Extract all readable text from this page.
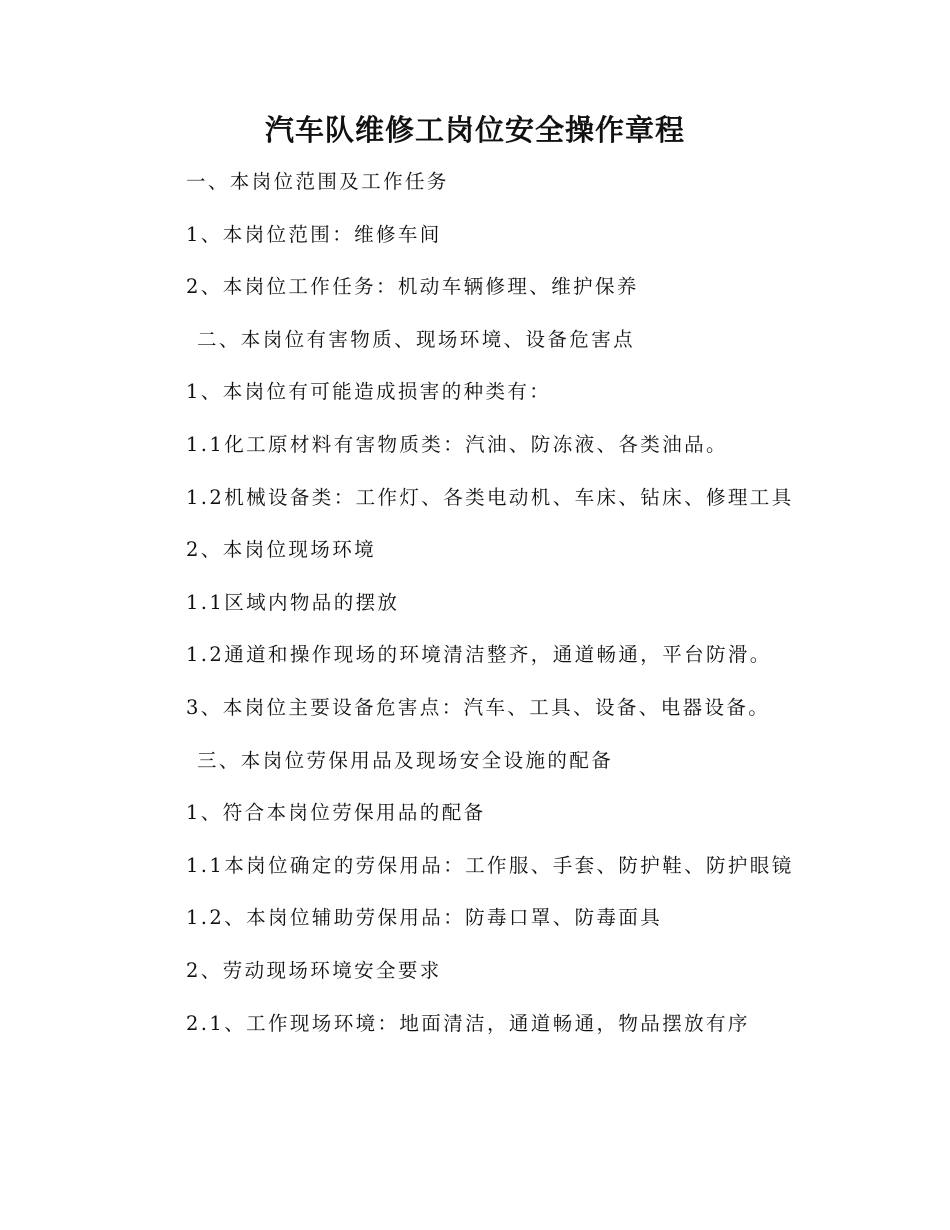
汽车队维修工岗位安全操作章程
一、本岗位范围及工作任务
1、本岗位范围：维修车间
2、本岗位工作任务：机动车辆修理、维护保养
二、本岗位有害物质、现场环境、设备危害点
1、本岗位有可能造成损害的种类有：
1.1化工原材料有害物质类：汽油、防冻液、各类油品。
1.2机械设备类：工作灯、各类电动机、车床、钻床、修理工具
2、本岗位现场环境
1.1区域内物品的摆放
1.2通道和操作现场的环境清洁整齐，通道畅通，平台防滑。
3、本岗位主要设备危害点：汽车、工具、设备、电器设备。
三、本岗位劳保用品及现场安全设施的配备
1、符合本岗位劳保用品的配备
1.1本岗位确定的劳保用品：工作服、手套、防护鞋、防护眼镜
1.2、本岗位辅助劳保用品：防毒口罩、防毒面具
2、劳动现场环境安全要求
2.1、工作现场环境：地面清洁，通道畅通，物品摆放有序
